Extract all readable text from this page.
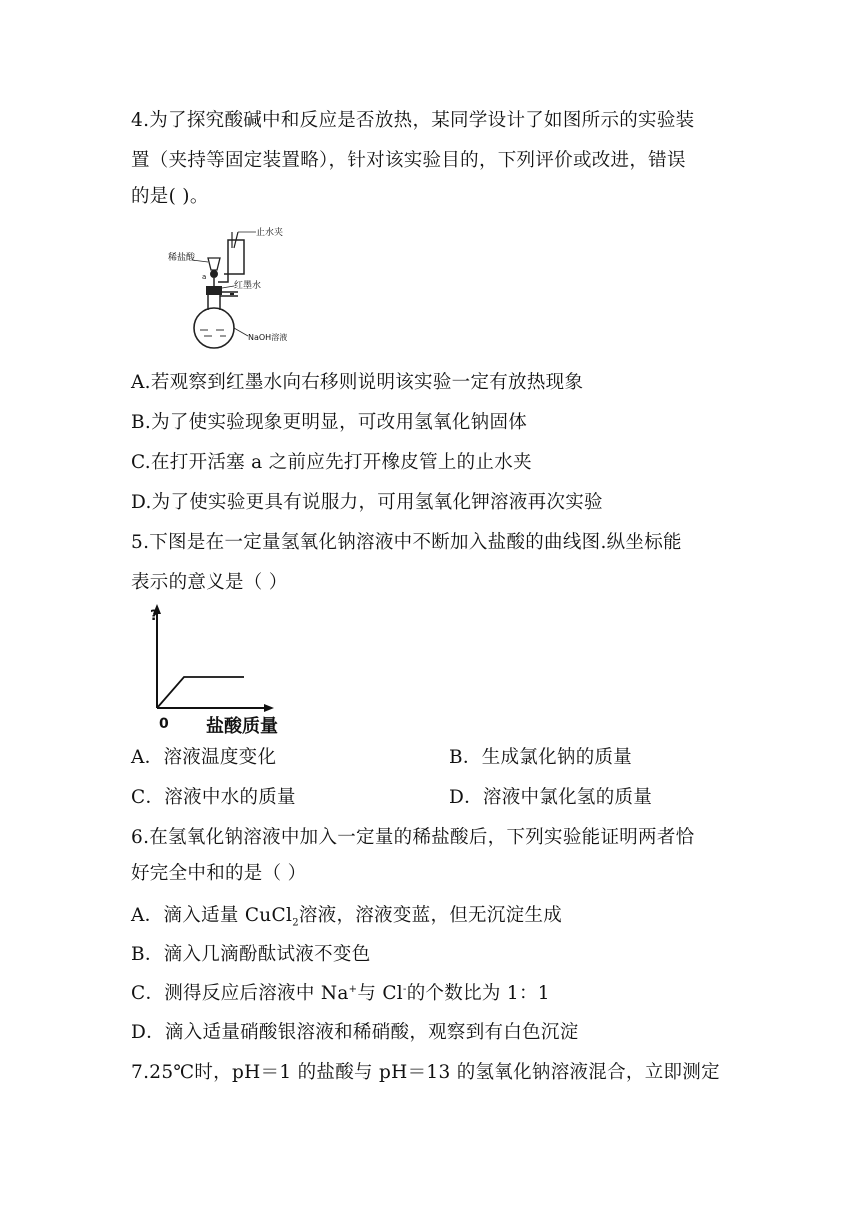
4.为了探究酸碱中和反应是否放热，某同学设计了如图所示的实验装
置（夹持等固定装置略），针对该实验目的，下列评价或改进，错误
的是( )。
止水夹
稀盐酸
a
红墨水
NaOH溶液
A.若观察到红墨水向右移则说明该实验一定有放热现象
B.为了使实验现象更明显，可改用氢氧化钠固体
C.在打开活塞 a 之前应先打开橡皮管上的止水夹
D.为了使实验更具有说服力，可用氢氧化钾溶液再次实验
5.下图是在一定量氢氧化钠溶液中不断加入盐酸的曲线图.纵坐标能
表示的意义是（ ）
?
0 盐酸质量
A．溶液温度变化	B．生成氯化钠的质量
C．溶液中水的质量	D．溶液中氯化氢的质量
6.在氢氧化钠溶液中加入一定量的稀盐酸后，下列实验能证明两者恰
好完全中和的是（ ）
A．滴入适量 CuCl$_2$溶液，溶液变蓝，但无沉淀生成
B．滴入几滴酚酞试液不变色
C．测得反应后溶液中 Na+与 Cl-的个数比为 1：1
D．滴入适量硝酸银溶液和稀硝酸，观察到有白色沉淀
7.25℃时，pH＝1 的盐酸与 pH＝13 的氢氧化钠溶液混合，立即测定
